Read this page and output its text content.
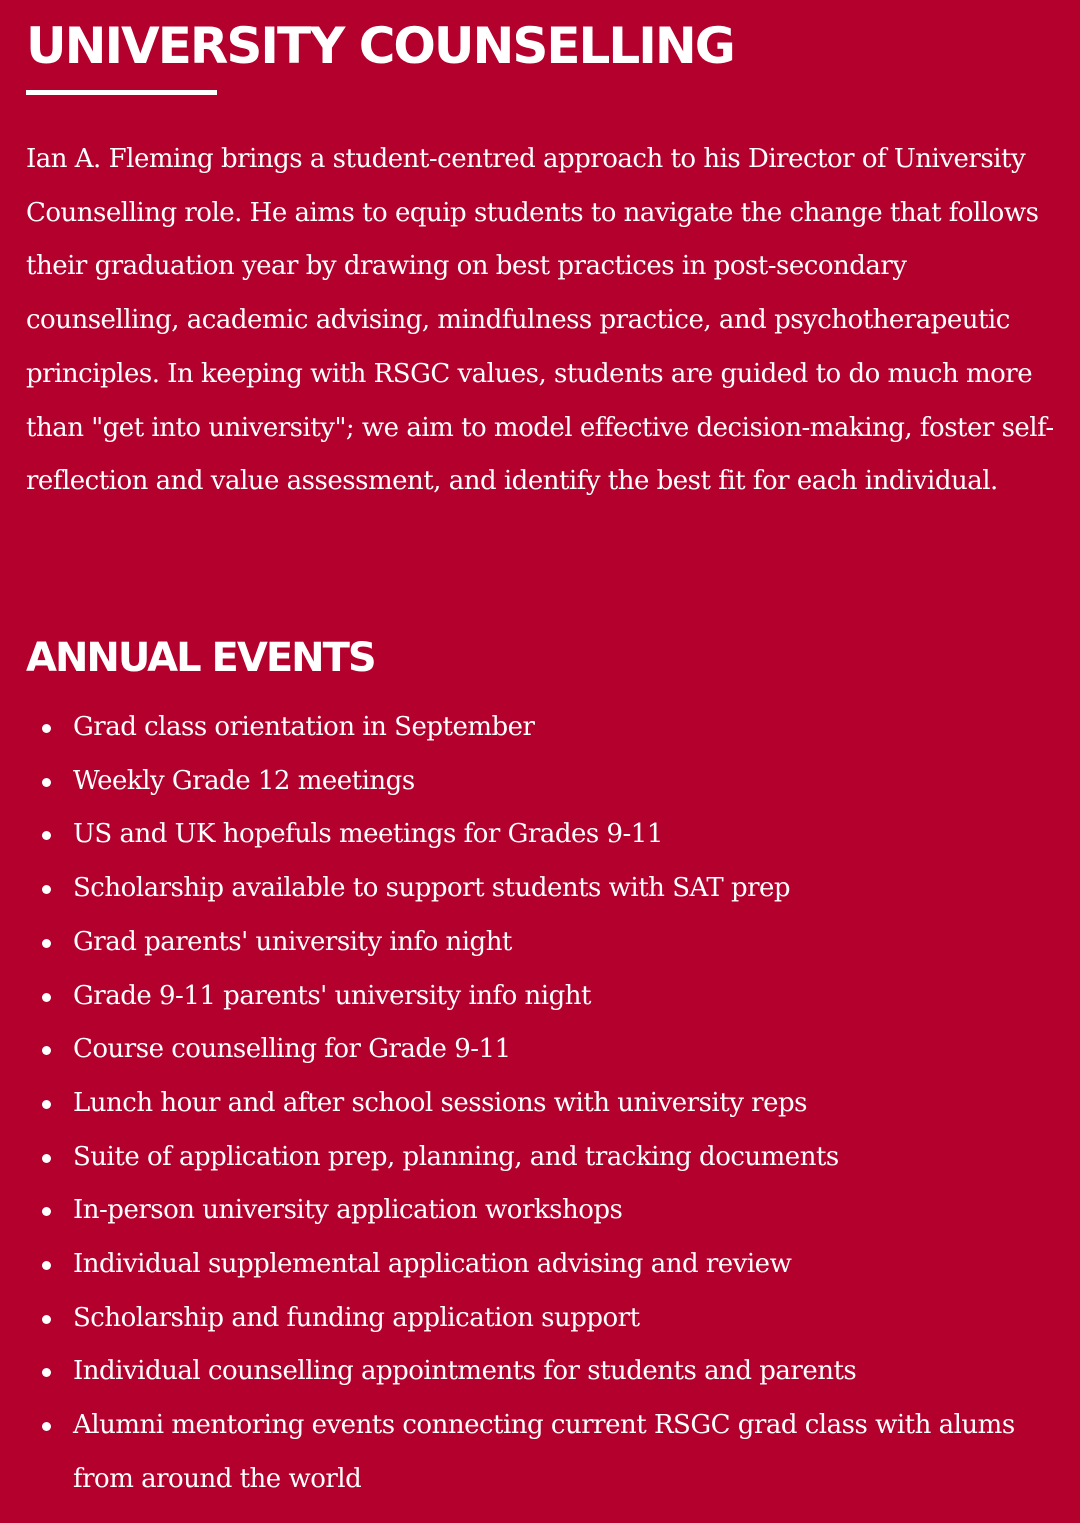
UNIVERSITY COUNSELLING

Ian A. Fleming brings a student-centred approach to his Director of University Counselling role. He aims to equip students to navigate the change that follows their graduation year by drawing on best practices in post-secondary counselling, academic advising, mindfulness practice, and psychotherapeutic principles. In keeping with RSGC values, students are guided to do much more than "get into university"; we aim to model effective decision-making, foster self-reflection and value assessment, and identify the best fit for each individual.

ANNUAL EVENTS
Grad class orientation in September
Weekly Grade 12 meetings
US and UK hopefuls meetings for Grades 9-11
Scholarship available to support students with SAT prep
Grad parents' university info night
Grade 9-11 parents' university info night
Course counselling for Grade 9-11
Lunch hour and after school sessions with university reps
Suite of application prep, planning, and tracking documents
In-person university application workshops
Individual supplemental application advising and review
Scholarship and funding application support
Individual counselling appointments for students and parents
Alumni mentoring events connecting current RSGC grad class with alums from around the world
